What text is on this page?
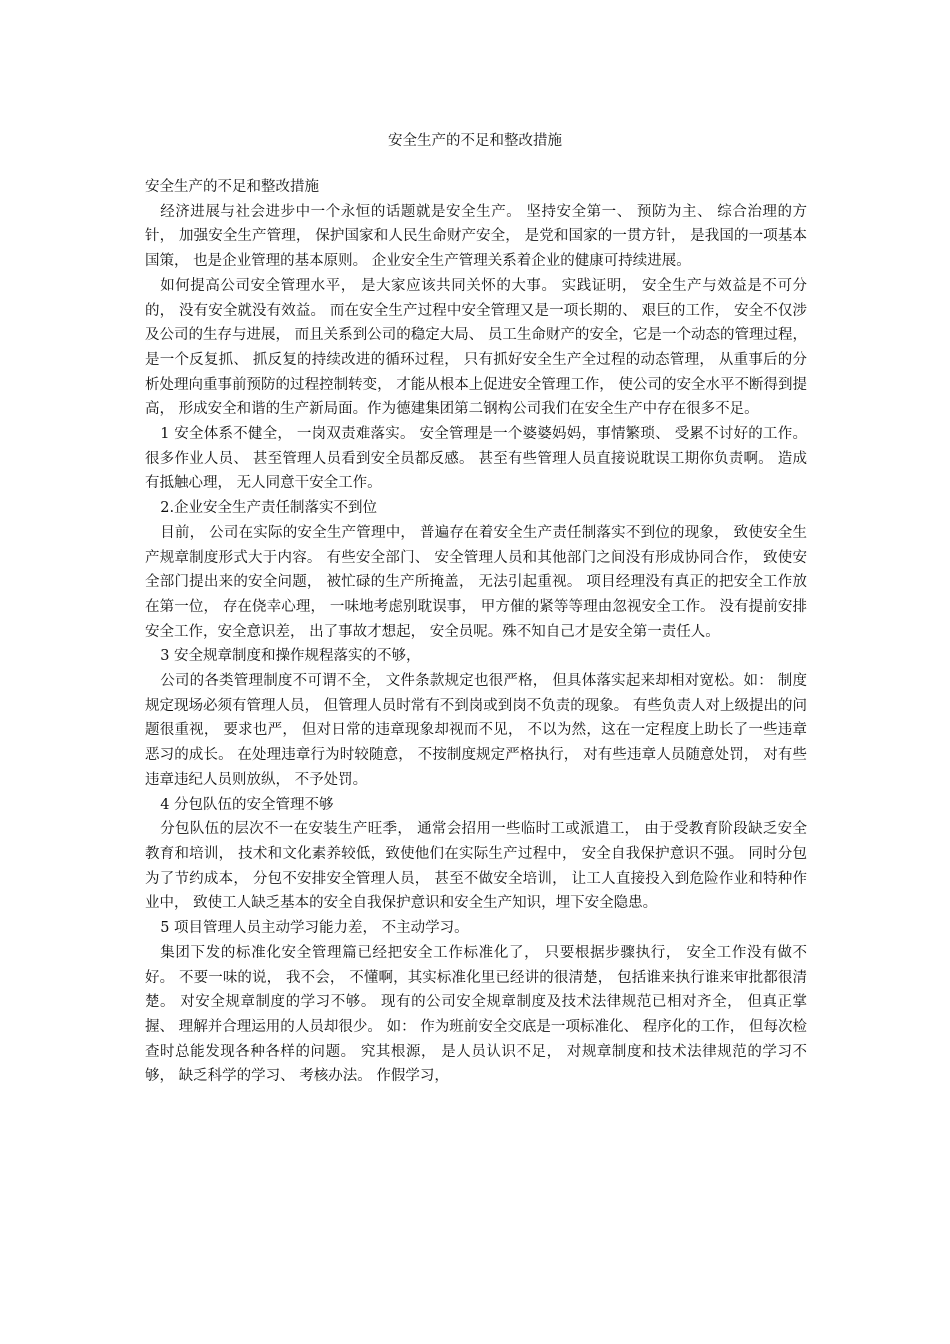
安全生产的不足和整改措施

安全生产的不足和整改措施

经济进展与社会进步中一个永恒的话题就是安全生产。 坚持安全第一、 预防为主、 综合治理的方针， 加强安全生产管理， 保护国家和人民生命财产安全， 是党和国家的一贯方针， 是我国的一项基本国策， 也是企业管理的基本原则。 企业安全生产管理关系着企业的健康可持续进展。

如何提高公司安全管理水平， 是大家应该共同关怀的大事。 实践证明， 安全生产与效益是不可分的， 没有安全就没有效益。 而在安全生产过程中安全管理又是一项长期的、 艰巨的工作， 安全不仅涉及公司的生存与进展， 而且关系到公司的稳定大局、 员工生命财产的安全，它是一个动态的管理过程， 是一个反复抓、 抓反复的持续改进的循环过程， 只有抓好安全生产全过程的动态管理， 从重事后的分析处理向重事前预防的过程控制转变， 才能从根本上促进安全管理工作， 使公司的安全水平不断得到提高， 形成安全和谐的生产新局面。作为德建集团第二钢构公司我们在安全生产中存在很多不足。

1 安全体系不健全， 一岗双责难落实。 安全管理是一个婆婆妈妈，事情繁琐、 受累不讨好的工作。 很多作业人员、 甚至管理人员看到安全员都反感。 甚至有些管理人员直接说耽误工期你负责啊。 造成有抵触心理， 无人同意干安全工作。

2.企业安全生产责任制落实不到位

目前， 公司在实际的安全生产管理中， 普遍存在着安全生产责任制落实不到位的现象， 致使安全生产规章制度形式大于内容。 有些安全部门、 安全管理人员和其他部门之间没有形成协同合作， 致使安全部门提出来的安全问题， 被忙碌的生产所掩盖， 无法引起重视。 项目经理没有真正的把安全工作放在第一位， 存在侥幸心理， 一味地考虑别耽误事， 甲方催的紧等等理由忽视安全工作。 没有提前安排安全工作，安全意识差， 出了事故才想起， 安全员呢。殊不知自己才是安全第一责任人。

3 安全规章制度和操作规程落实的不够，

公司的各类管理制度不可谓不全， 文件条款规定也很严格， 但具体落实起来却相对宽松。如： 制度规定现场必须有管理人员， 但管理人员时常有不到岗或到岗不负责的现象。 有些负责人对上级提出的问题很重视， 要求也严， 但对日常的违章现象却视而不见， 不以为然，这在一定程度上助长了一些违章恶习的成长。 在处理违章行为时较随意， 不按制度规定严格执行， 对有些违章人员随意处罚， 对有些违章违纪人员则放纵， 不予处罚。

4 分包队伍的安全管理不够

分包队伍的层次不一在安装生产旺季， 通常会招用一些临时工或派遣工， 由于受教育阶段缺乏安全教育和培训， 技术和文化素养较低，致使他们在实际生产过程中， 安全自我保护意识不强。 同时分包为了节约成本， 分包不安排安全管理人员， 甚至不做安全培训， 让工人直接投入到危险作业和特种作业中， 致使工人缺乏基本的安全自我保护意识和安全生产知识，埋下安全隐患。

5 项目管理人员主动学习能力差， 不主动学习。

集团下发的标准化安全管理篇已经把安全工作标准化了， 只要根据步骤执行， 安全工作没有做不好。 不要一味的说， 我不会， 不懂啊，其实标准化里已经讲的很清楚， 包括谁来执行谁来审批都很清楚。 对安全规章制度的学习不够。 现有的公司安全规章制度及技术法律规范已相对齐全， 但真正掌握、 理解并合理运用的人员却很少。 如： 作为班前安全交底是一项标准化、 程序化的工作， 但每次检查时总能发现各种各样的问题。 究其根源， 是人员认识不足， 对规章制度和技术法律规范的学习不够， 缺乏科学的学习、 考核办法。 作假学习，
